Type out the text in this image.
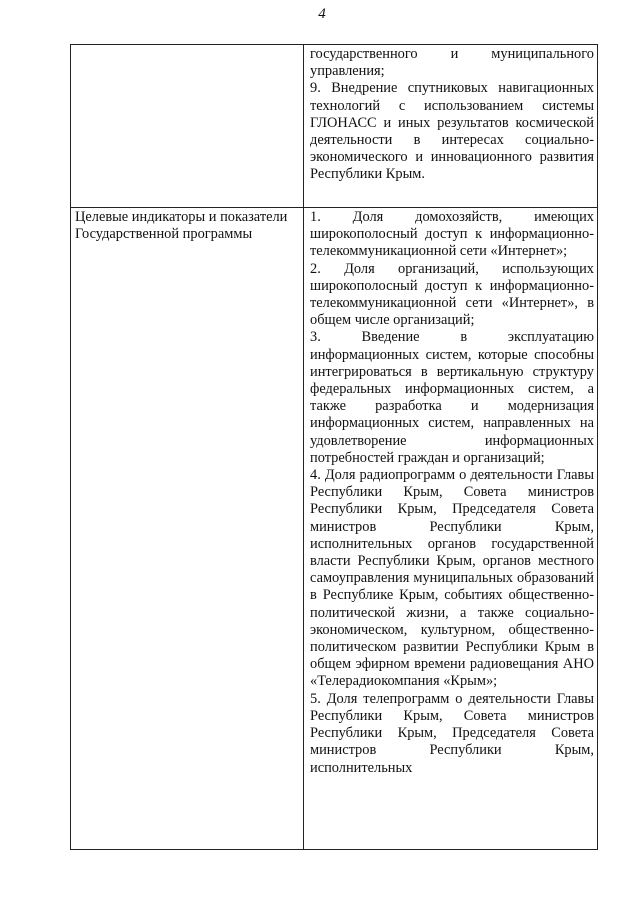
4
государственного и муниципального управления;
9. Внедрение спутниковых навигационных технологий с использованием системы ГЛОНАСС и иных результатов космической деятельности в интересах социально-экономического и инновационного развития Республики Крым.
Целевые индикаторы и показатели Государственной программы
1. Доля домохозяйств, имеющих широкополосный доступ к информационно-телекоммуникационной сети «Интернет»;
2. Доля организаций, использующих широкополосный доступ к информационно-телекоммуникационной сети «Интернет», в общем числе организаций;
3. Введение в эксплуатацию информационных систем, которые способны интегрироваться в вертикальную структуру федеральных информационных систем, а также разработка и модернизация информационных систем, направленных на удовлетворение информационных потребностей граждан и организаций;
4. Доля радиопрограмм о деятельности Главы Республики Крым, Совета министров Республики Крым, Председателя Совета министров Республики Крым, исполнительных органов государственной власти Республики Крым, органов местного самоуправления муниципальных образований в Республике Крым, событиях общественно-политической жизни, а также социально-экономическом, культурном, общественно-политическом развитии Республики Крым в общем эфирном времени радиовещания АНО «Телерадиокомпания «Крым»;
5. Доля телепрограмм о деятельности Главы Республики Крым, Совета министров Республики Крым, Председателя Совета министров Республики Крым, исполнительных
